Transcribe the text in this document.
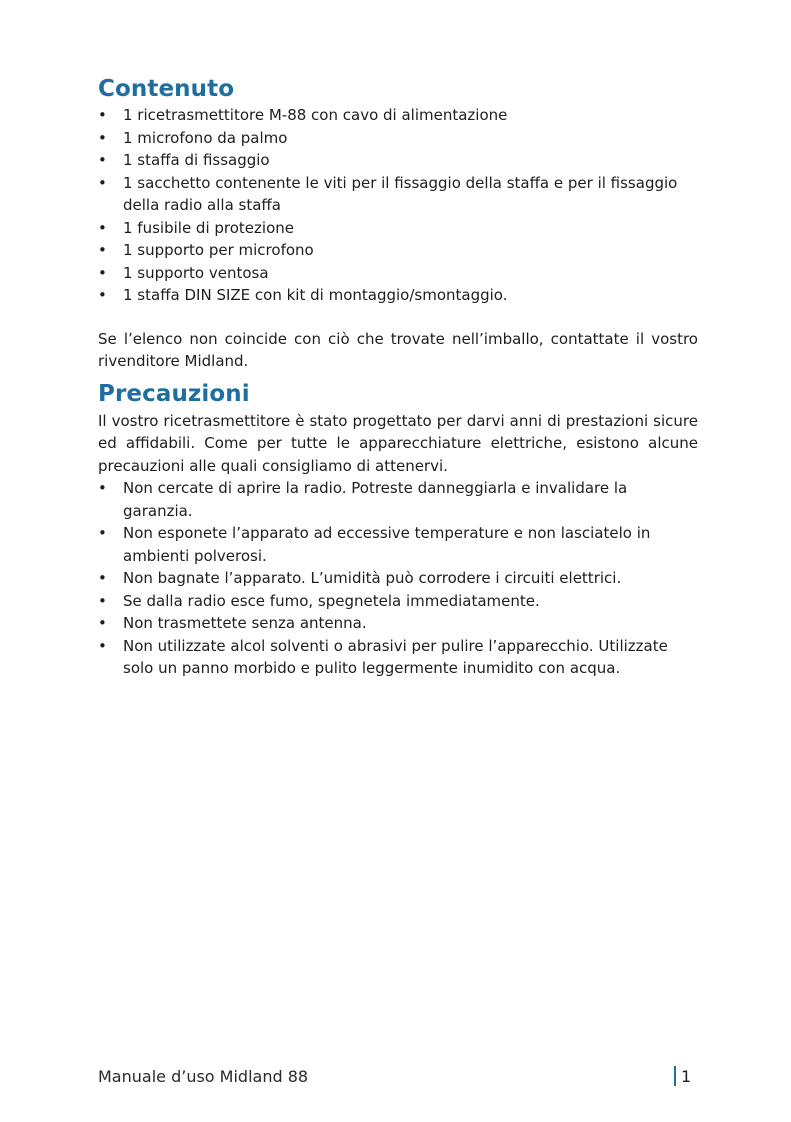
Contenuto
• 1 ricetrasmettitore M-88 con cavo di alimentazione
• 1 microfono da palmo
• 1 staffa di fissaggio
• 1 sacchetto contenente le viti per il fissaggio della staffa e per il fissaggio della radio alla staffa
• 1 fusibile di protezione
• 1 supporto per microfono
• 1 supporto ventosa
• 1 staffa DIN SIZE con kit di montaggio/smontaggio.

Se l’elenco non coincide con ciò che trovate nell’imballo, contattate il vostro rivenditore Midland.

Precauzioni

Il vostro ricetrasmettitore è stato progettato per darvi anni di prestazioni sicure ed affidabili. Come per tutte le apparecchiature elettriche, esistono alcune precauzioni alle quali consigliamo di attenervi.

• Non cercate di aprire la radio. Potreste danneggiarla e invalidare la garanzia.
• Non esponete l’apparato ad eccessive temperature e non lasciatelo in ambienti polverosi.
• Non bagnate l’apparato. L’umidità può corrodere i circuiti elettrici.
• Se dalla radio esce fumo, spegnetela immediatamente.
• Non trasmettete senza antenna.
• Non utilizzate alcol solventi o abrasivi per pulire l’apparecchio. Utilizzate solo un panno morbido e pulito leggermente inumidito con acqua.
Manuale d’uso Midland 88	1
